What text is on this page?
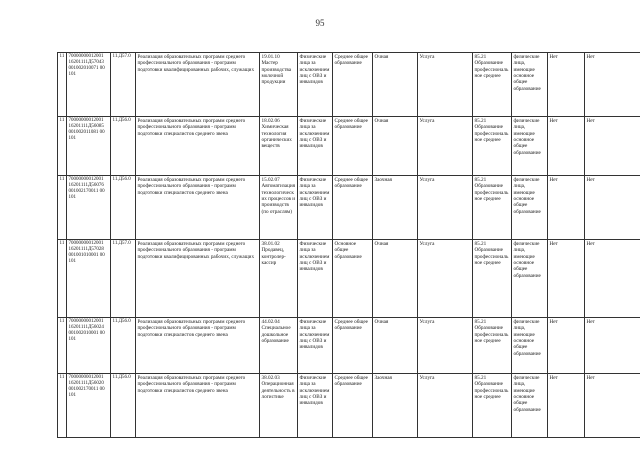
95
11	70000000012001 16201111Д57043 001002010071 00 101	11.Д57.0	Реализация образовательных программ среднего профессионального образования - программ подготовки квалифицированных рабочих, служащих	19.01.10 Мастер производства молочной продукции	Физические лица за исключением лиц с ОВЗ и инвалидов	Среднее общее образование	Очная	Услуга	85.21 Образование профессиональное среднее	физические лица, имеющие основное общее образование	Нет	Нет
11	70000000012001 16201111Д56085 001002011081 00 101	11.Д56.0	Реализация образовательных программ среднего профессионального образования - программ подготовки специалистов среднего звена	18.02.06 Химическая технология органических веществ	Физические лица за исключением лиц с ОВЗ и инвалидов	Среднее общее образование	Очная	Услуга	85.21 Образование профессиональное среднее	физические лица, имеющие основное общее образование	Нет	Нет
11	70000000012001 16201111Д56076 001002170011 00 101	11.Д56.0	Реализация образовательных программ среднего профессионального образования - программ подготовки специалистов среднего звена	15.02.07 Автоматизация технологических процессов и производств (по отраслям)	Физические лица за исключением лиц с ОВЗ и инвалидов	Среднее общее образование	Заочная	Услуга	85.21 Образование профессиональное среднее	физические лица, имеющие основное общее образование	Нет	Нет
11	70000000012001 16201111Д57028 001001010001 00 101	11.Д57.0	Реализация образовательных программ среднего профессионального образования - программ подготовки квалифицированных рабочих, служащих	38.01.02 Продавец, контролер-кассир	Физические лица за исключением лиц с ОВЗ и инвалидов	Основное общее образование	Очная	Услуга	85.21 Образование профессиональное среднее	физические лица, имеющие основное общее образование	Нет	Нет
11	70000000012001 16201111Д56024 001002010001 00 101	11.Д56.0	Реализация образовательных программ среднего профессионального образования - программ подготовки специалистов среднего звена	44.02.04 Специальное дошкольное образование	Физические лица за исключением лиц с ОВЗ и инвалидов	Среднее общее образование	Очная	Услуга	85.21 Образование профессиональное среднее	физические лица, имеющие основное общее образование	Нет	Нет
11	70000000012001 16201111Д56020 001002170011 00 101	11.Д56.0	Реализация образовательных программ среднего профессионального образования - программ подготовки специалистов среднего звена	38.02.03 Операционная деятельность в логистике	Физические лица за исключением лиц с ОВЗ и инвалидов	Среднее общее образование	Заочная	Услуга	85.21 Образование профессиональное среднее	физические лица, имеющие основное общее образование	Нет	Нет
